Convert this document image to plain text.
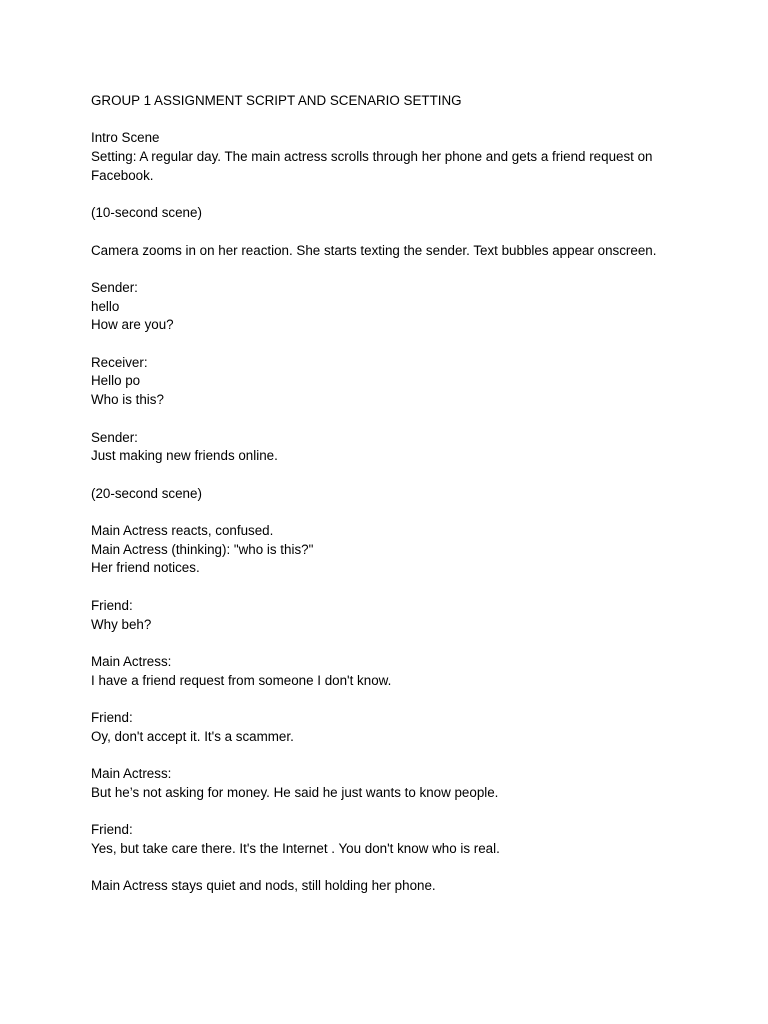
GROUP 1 ASSIGNMENT SCRIPT AND SCENARIO SETTING
Intro Scene
Setting: A regular day. The main actress scrolls through her phone and gets a friend request on
Facebook.
(10-second scene)
Camera zooms in on her reaction. She starts texting the sender. Text bubbles appear onscreen.
Sender:
hello
How are you?
Receiver:
Hello po
Who is this?
Sender:
Just making new friends online.
(20-second scene)
Main Actress reacts, confused.
Main Actress (thinking): "who is this?"
Her friend notices.
Friend:
Why beh?
Main Actress:
I have a friend request from someone I don't know.
Friend:
Oy, don't accept it. It's a scammer.
Main Actress:
But he’s not asking for money. He said he just wants to know people.
Friend:
Yes, but take care there. It's the Internet . You don't know who is real.
Main Actress stays quiet and nods, still holding her phone.
